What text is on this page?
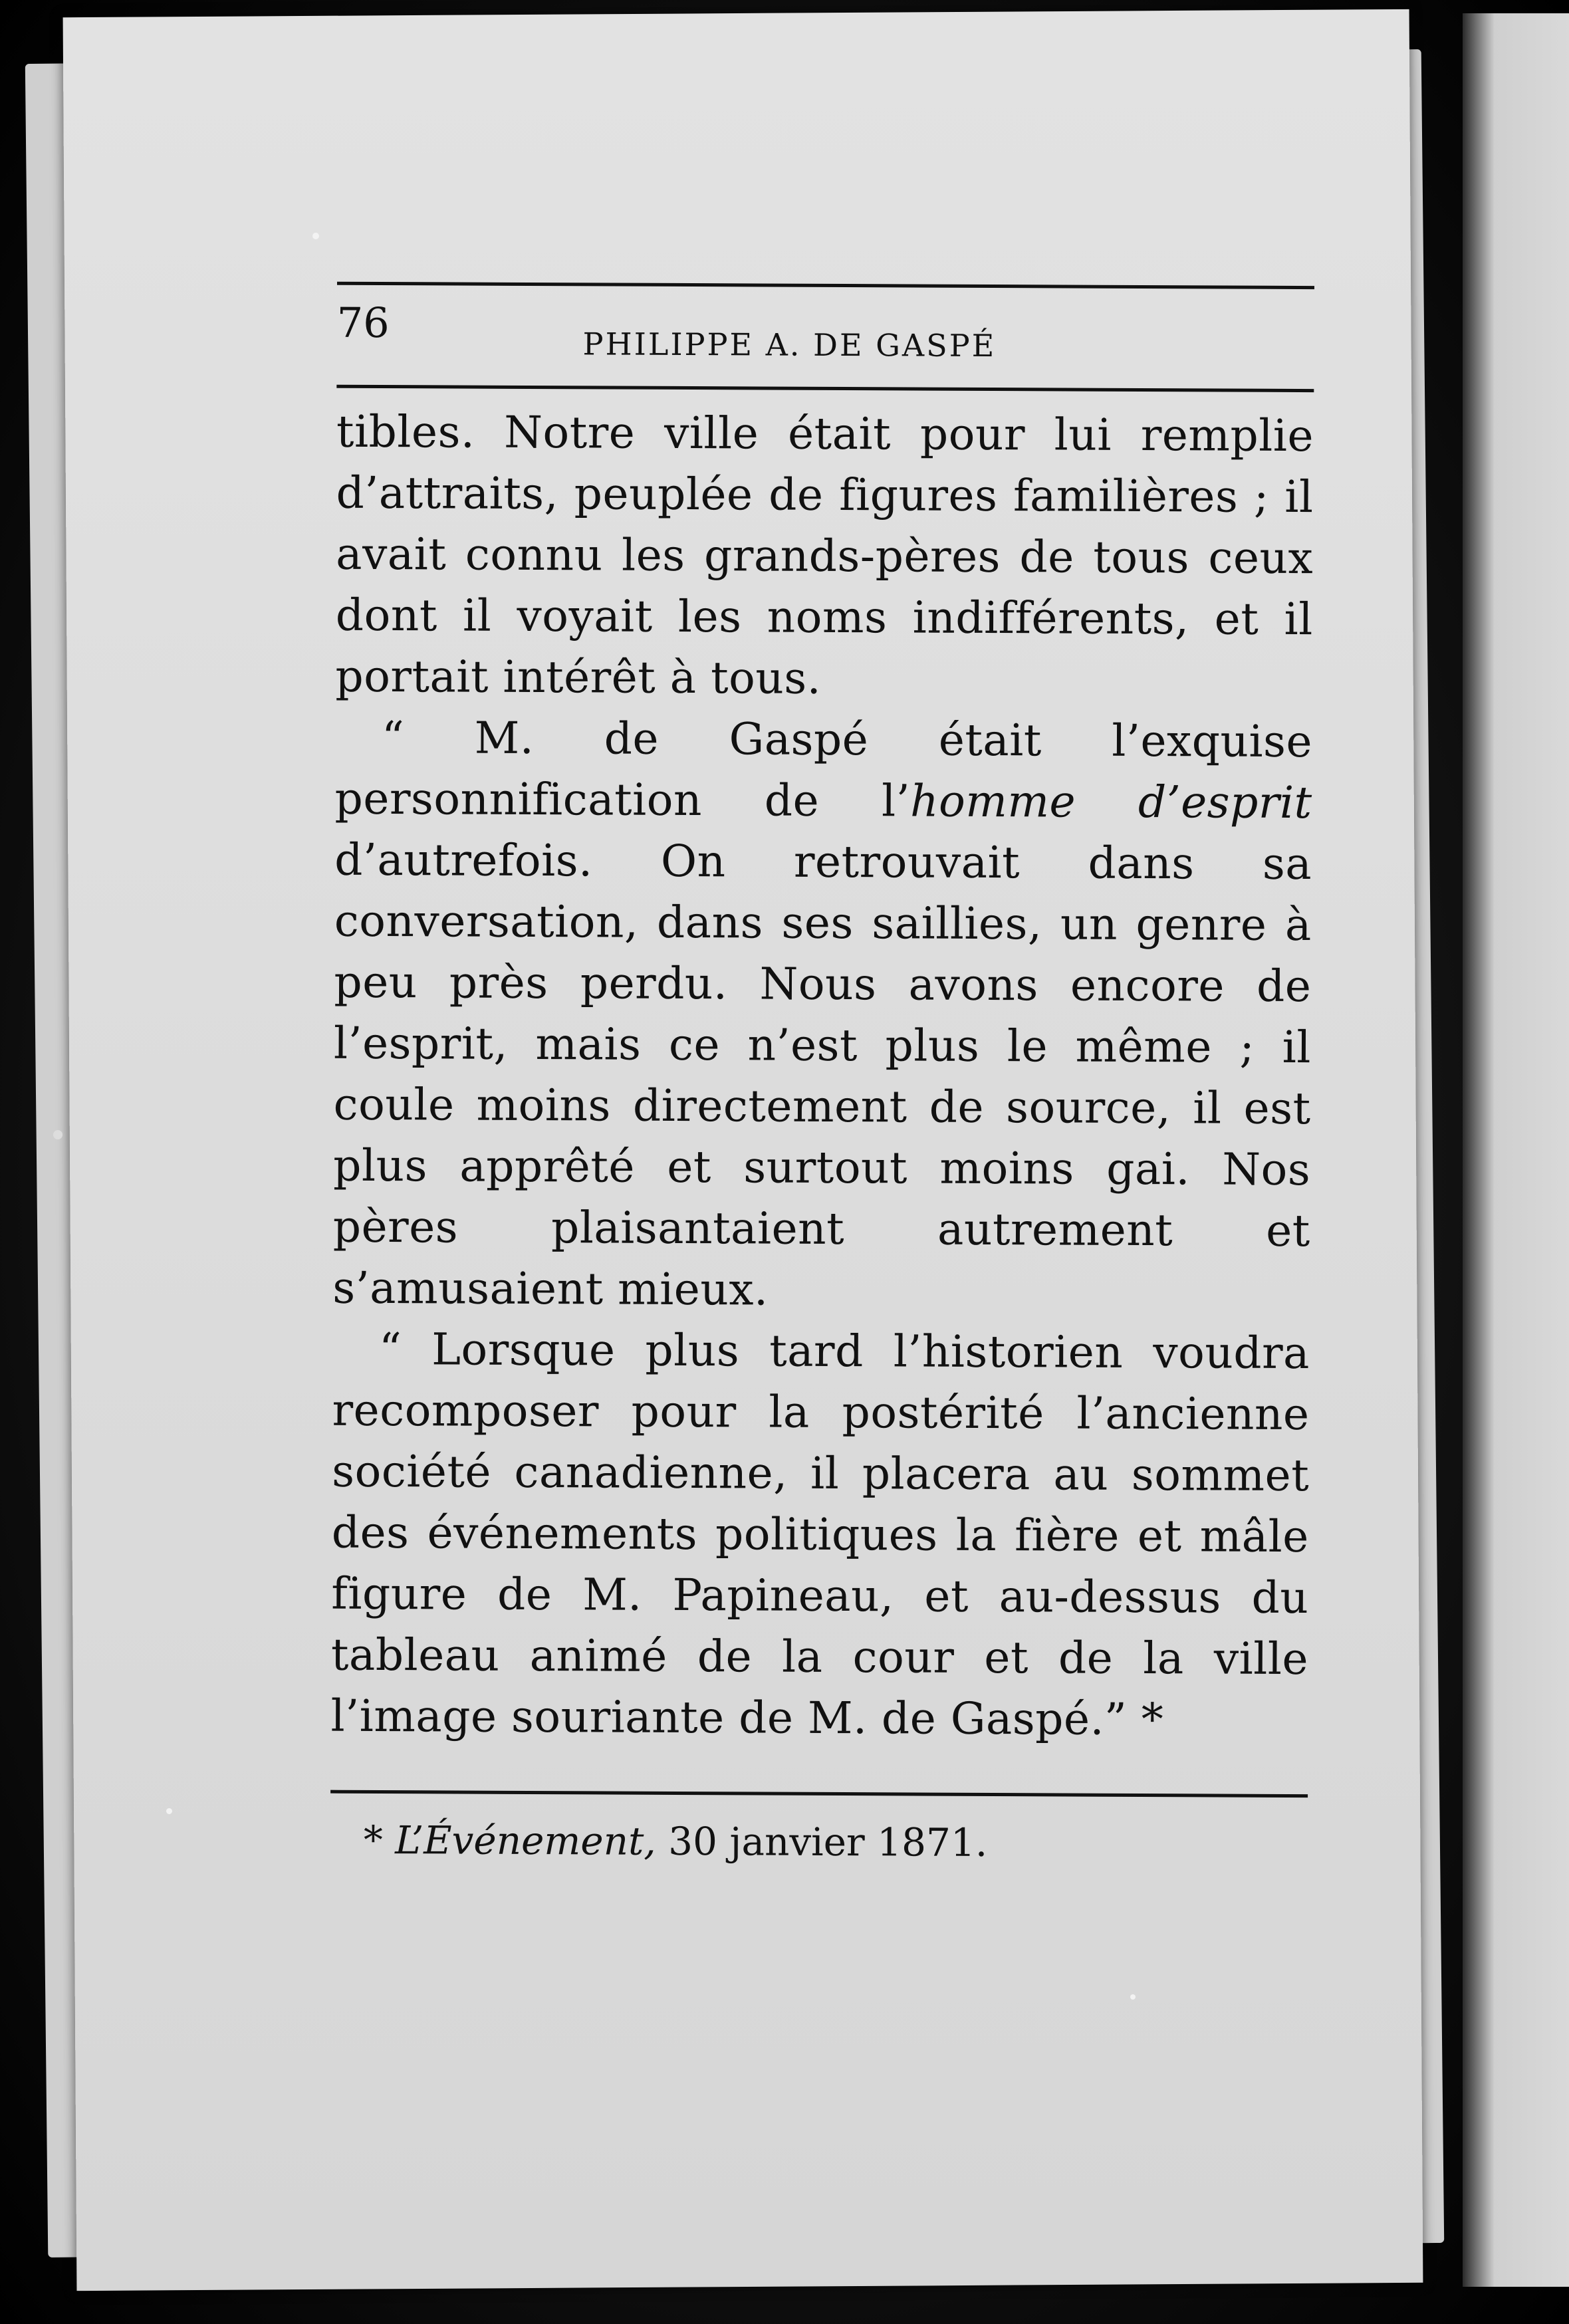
76	PHILIPPE A. DE GASPÉ

tibles. Notre ville était pour lui remplie d’attraits, peuplée de figures familières ; il avait connu les grands-pères de tous ceux dont il voyait les noms indifférents, et il portait intérêt à tous.

“ M. de Gaspé était l’exquise personnification de l’homme d’esprit d’autrefois. On retrouvait dans sa conversation, dans ses saillies, un genre à peu près perdu. Nous avons encore de l’esprit, mais ce n’est plus le même ; il coule moins directement de source, il est plus apprêté et surtout moins gai. Nos pères plaisantaient autrement et s’amusaient mieux.

“ Lorsque plus tard l’historien voudra recomposer pour la postérité l’ancienne société canadienne, il placera au sommet des événements politiques la fière et mâle figure de M. Papineau, et au-dessus du tableau animé de la cour et de la ville l’image souriante de M. de Gaspé.” *

* L’Événement, 30 janvier 1871.
